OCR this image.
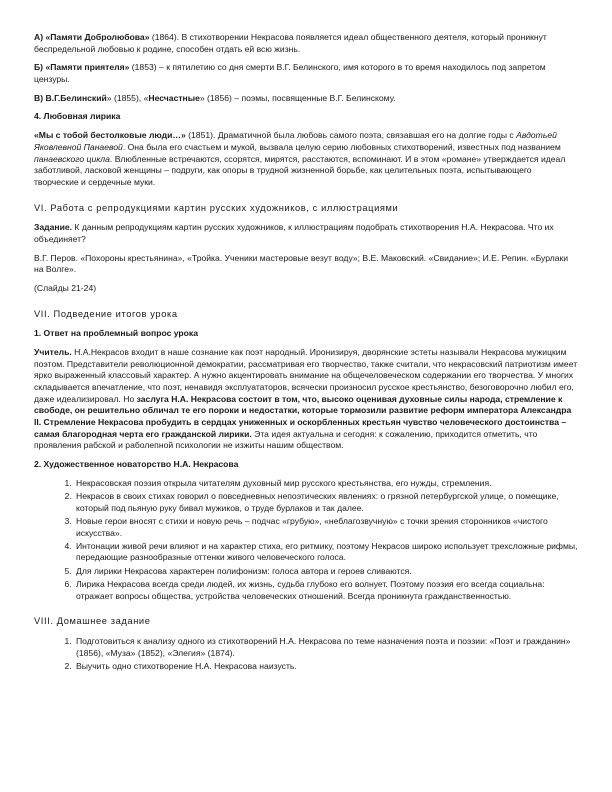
А) «Памяти Добролюбова» (1864). В стихотворении Некрасова появляется идеал общественного деятеля, который проникнут беспредельной любовью к родине, способен отдать ей всю жизнь.

Б) «Памяти приятеля» (1853) – к пятилетию со дня смерти В.Г. Белинского, имя которого в то время находилось под запретом цензуры.

В) В.Г.Белинский» (1855), «Несчастные» (1856) – поэмы, посвященные В.Г. Белинскому.

4. Любовная лирика

«Мы с тобой бестолковые люди…» (1851). Драматичной была любовь самого поэта, связавшая его на долгие годы с Авдотьей Яковлевной Панаевой. Она была его счастьем и мукой, вызвала целую серию любовных стихотворений, известных под названием панаевского цикла. Влюбленные встречаются, ссорятся, мирятся, расстаются, вспоминают. И в этом «романе» утверждается идеал заботливой, ласковой женщины – подруги, как опоры в трудной жизненной борьбе, как целительных поэта, испытывающего творческие и сердечные муки.

VI. Работа с репродукциями картин русских художников, с иллюстрациями

Задание. К данным репродукциям картин русских художников, к иллюстрациям подобрать стихотворения Н.А. Некрасова. Что их объединяет?

В.Г. Перов. «Похороны крестьянина», «Тройка. Ученики мастеровые везут воду»; В.Е. Маковский. «Свидание»; И.Е. Репин. «Бурлаки на Волге».

(Слайды 21-24)

VII. Подведение итогов урока

1. Ответ на проблемный вопрос урока

Учитель. Н.А.Некрасов входит в наше сознание как поэт народный. Иронизируя, дворянские эстеты называли Некрасова мужицким поэтом. Представители революционной демократии, рассматривая его творчество, также считали, что некрасовский патриотизм имеет ярко выраженный классовый характер. А нужно акцентировать внимание на общечеловеческом содержании его творчества. У многих складывается впечатление, что поэт, ненавидя эксплуататоров, всячески произносил русское крестьянство, безоговорочно любил его, даже идеализировал. Но заслуга Н.А. Некрасова состоит в том, что, высоко оценивая духовные силы народа, стремление к свободе, он решительно обличал те его пороки и недостатки, которые тормозили развитие реформ императора Александра II. Стремление Некрасова пробудить в сердцах униженных и оскорбленных крестьян чувство человеческого достоинства – самая благородная черта его гражданской лирики. Эта идея актуальна и сегодня: к сожалению, приходится отметить, что проявления рабской и раболепной психологии не изжиты нашим обществом.

2. Художественное новаторство Н.А. Некрасова

1. Некрасовская поэзия открыла читателям духовный мир русского крестьянства, его нужды, стремления.
2. Некрасов в своих стихах говорил о повседневных непоэтических явлениях: о грязной петербургской улице, о помещике, который под пьяную руку бивал мужиков, о труде бурлаков и так далее.
3. Новые герои вносят с стихи и новую речь – подчас «грубую», «неблагозвучную» с точки зрения сторонников «чистого искусства».
4. Интонации живой речи влияют и на характер стиха, его ритмику, поэтому Некрасов широко использует трехсложные рифмы, передающие разнообразные оттенки живого человеческого голоса.
5. Для лирики Некрасова характерен полифонизм: голоса автора и героев сливаются.
6. Лирика Некрасова всегда среди людей, их жизнь, судьба глубоко его волнует. Поэтому поэзия его всегда социальна: отражает вопросы общества, устройства человеческих отношений. Всегда проникнута гражданственностью.
VIII. Домашнее задание
1. Подготовиться к анализу одного из стихотворений Н.А. Некрасова по теме назначения поэта и поэзии: «Поэт и гражданин» (1856), «Муза» (1852), «Элегия» (1874).
2. Выучить одно стихотворение Н.А. Некрасова наизусть.
